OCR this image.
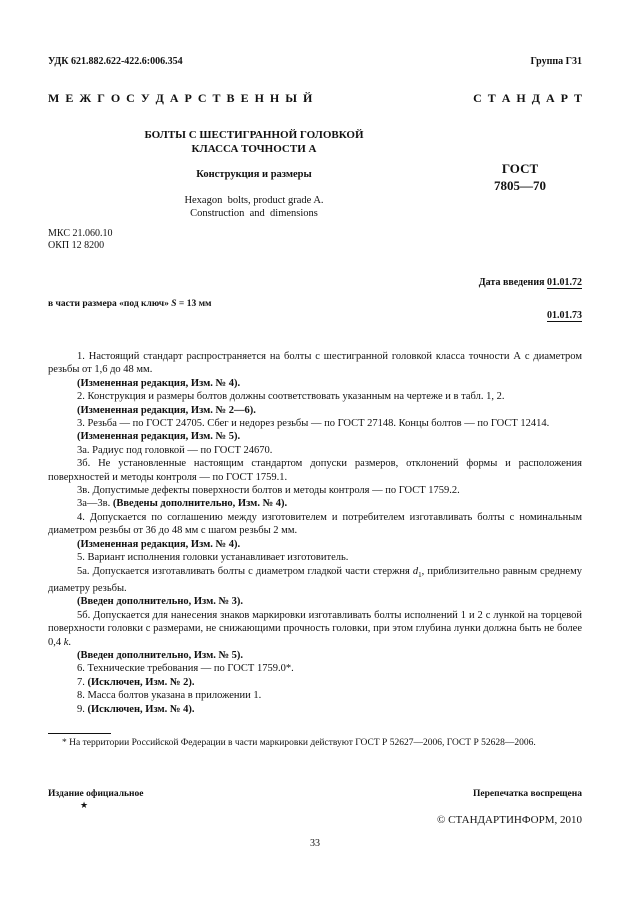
УДК 621.882.622-422.6:006.354	Группа Г31
М  Е  Ж  Г  О  С  У  Д  А  Р  С  Т  В  Е  Н  Н  Ы  Й	С  Т  А  Н  Д  А  Р  Т
БОЛТЫ С ШЕСТИГРАННОЙ ГОЛОВКОЙ
КЛАССА ТОЧНОСТИ А
Конструкция и размеры
Hexagon  bolts, product grade A.
Construction  and  dimensions
ГОСТ
7805—70
МКС 21.060.10
ОКП 12 8200
Дата введения 01.01.72
в части размера «под ключ» S = 13 мм
01.01.73

1. Настоящий стандарт распространяется на болты с шестигранной головкой класса точности А с диаметром резьбы от 1,6 до 48 мм.

(Измененная редакция, Изм. № 4).

2. Конструкция и размеры болтов должны соответствовать указанным на чертеже и в табл. 1, 2.

(Измененная редакция, Изм. № 2—6).

3. Резьба — по ГОСТ 24705. Сбег и недорез резьбы — по ГОСТ 27148. Концы болтов — по ГОСТ 12414.

(Измененная редакция, Изм. № 5).

3а. Радиус под головкой — по ГОСТ 24670.

3б. Не установленные настоящим стандартом допуски размеров, отклонений формы и расположения поверхностей и методы контроля — по ГОСТ 1759.1.

3в. Допустимые дефекты поверхности болтов и методы контроля — по ГОСТ 1759.2.

3а—3в. (Введены дополнительно, Изм. № 4).

4. Допускается по соглашению между изготовителем и потребителем изготавливать болты с номинальным диаметром резьбы от 36 до 48 мм с шагом резьбы 2 мм.

(Измененная редакция, Изм. № 4).

5. Вариант исполнения головки устанавливает изготовитель.

5а. Допускается изготавливать болты с диаметром гладкой части стержня $d_1$, приблизительно равным среднему диаметру резьбы.

(Введен дополнительно, Изм. № 3).

5б. Допускается для нанесения знаков маркировки изготавливать болты исполнений 1 и 2 с лункой на торцевой поверхности головки с размерами, не снижающими прочность головки, при этом глубина лунки должна быть не более 0,4 k.

(Введен дополнительно, Изм. № 5).

6. Технические требования — по ГОСТ 1759.0*.

7. (Исключен, Изм. № 2).

8. Масса болтов указана в приложении 1.

9. (Исключен, Изм. № 4).

* На территории Российской Федерации в части маркировки действуют ГОСТ Р 52627—2006, ГОСТ Р 52628—2006.
Издание официальное	Перепечатка воспрещена
★
© СТАНДАРТИНФОРМ, 2010
33
